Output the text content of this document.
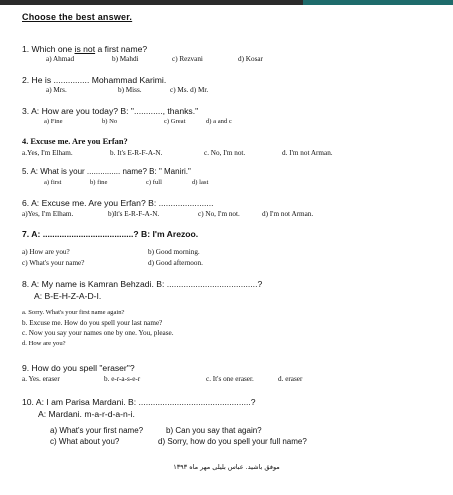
Choose the best answer.
1. Which one is not a first name?
a) Ahmad	b) Mahdi	c) Rezvani	d) Kosar
2. He is ............... Mohammad Karimi.
a) Mrs.	b) Miss.	c) Ms. d) Mr.
3. A: How are you today? B: "............, thanks."
a) Fine	b) No	c) Great	d) a and c
4. Excuse me. Are you Erfan?
a.Yes, I'm Elham.	b. It's E-R-F-A-N.	c. No, I'm not.	d. I'm not Arman.
5. A: What is your ............... name? B: " Maniri."
a) first	b) fine	c) full	d) last
6. A: Excuse me. Are you Erfan? B: .......................
a)Yes, I'm Elham.	b)It's E-R-F-A-N.	c) No, I'm not.	d) I'm not Arman.
7. A: ......................................? B: I'm Arezoo.
a) How are you?	b) Good morning.
c) What's your name?	d) Good afternoon.
8. A: My name is Kamran Behzadi. B: ......................................?
A: B-E-H-Z-A-D-I.
a. Sorry. What's your first name again?
b. Excuse me. How do you spell your last name?
c. Now you say your names one by one. You, please.
d. How are you?
9. How do you spell "eraser"?
a. Yes. eraser	b. e-r-a-s-e-r	c. It's one eraser.	d. eraser
10. A: I am Parisa Mardani. B: ...............................................?
A: Mardani. m-a-r-d-a-n-i.
a) What's your first name?	b) Can you say that again?
c) What about you?	d) Sorry, how do you spell your full name?
موفق باشید. عباس بلیلی مهر ماه ۱۳۹۳
